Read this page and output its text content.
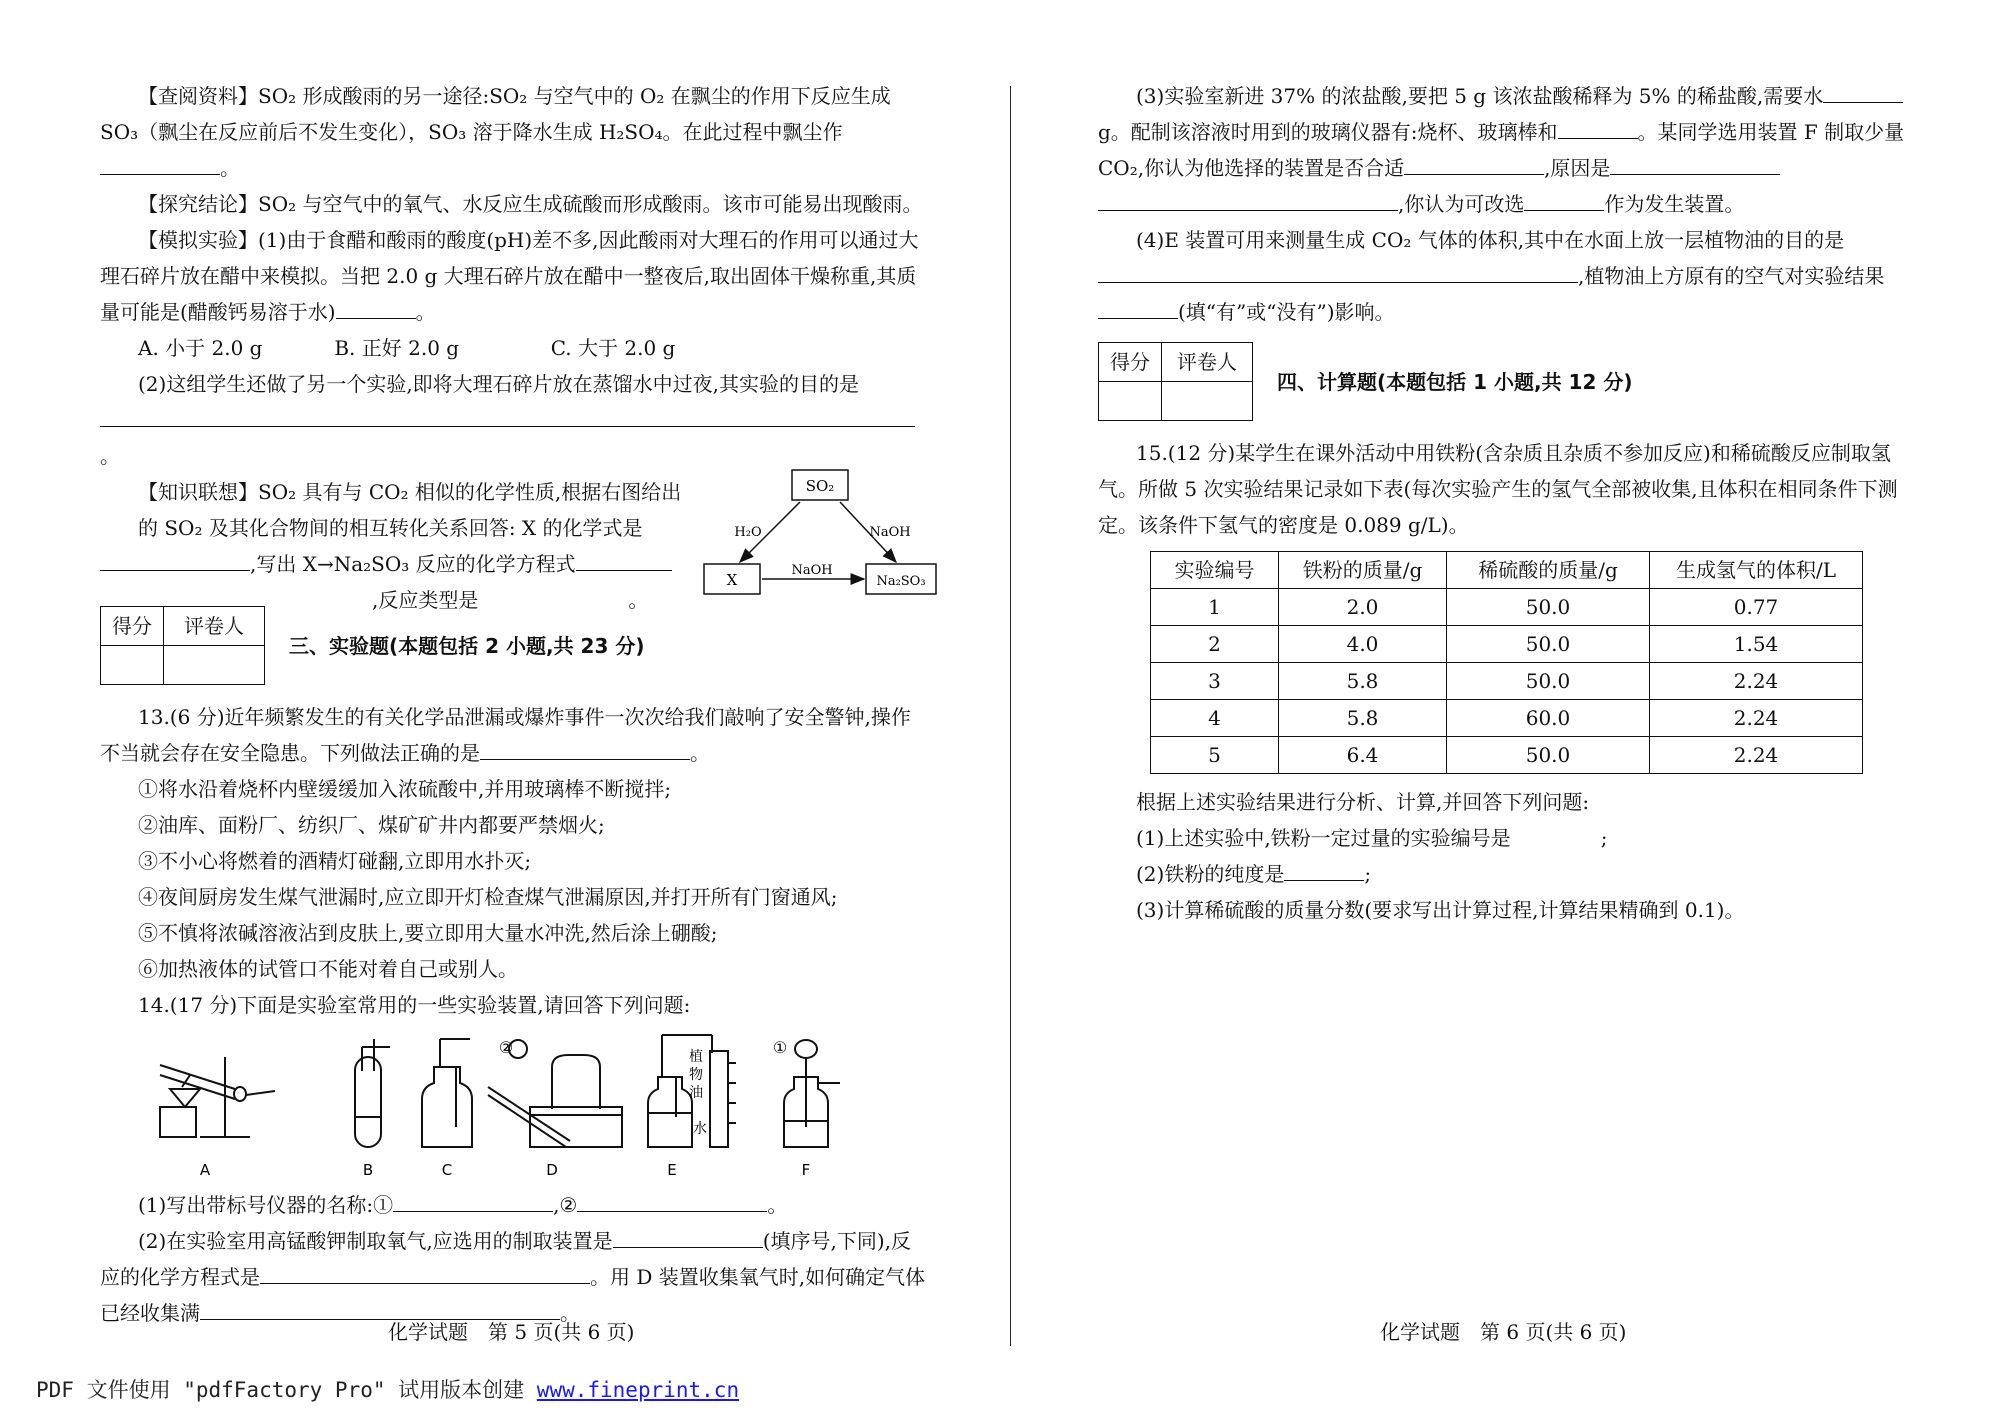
【查阅资料】SO₂ 形成酸雨的另一途径:SO₂ 与空气中的 O₂ 在飘尘的作用下反应生成 SO₃（飘尘在反应前后不发生变化），SO₃ 溶于降水生成 H₂SO₄。在此过程中飘尘作。

【探究结论】SO₂ 与空气中的氧气、水反应生成硫酸而形成酸雨。该市可能易出现酸雨。

【模拟实验】(1)由于食醋和酸雨的酸度(pH)差不多,因此酸雨对大理石的作用可以通过大理石碎片放在醋中来模拟。当把 2.0 g 大理石碎片放在醋中一整夜后,取出固体干燥称重,其质量可能是(醋酸钙易溶于水)	。

A. 小于 2.0 g	B. 正好 2.0 g	C. 大于 2.0 g

(2)这组学生还做了另一个实验,即将大理石碎片放在蒸馏水中过夜,其实验的目的是

。

【知识联想】SO₂ 具有与 CO₂ 相似的化学性质,根据右图给出的 SO₂ 及其化合物间的相互转化关系回答: X 的化学式是,写出 X→Na₂SO₃ 反应的化学方程式
,反应类型是	。
SO₂
X	Na₂SO₃
H₂O	NaOH
NaOH
得分	评卷人

三、实验题(本题包括 2 小题,共 23 分)

13.(6 分)近年频繁发生的有关化学品泄漏或爆炸事件一次次给我们敲响了安全警钟,操作不当就会存在安全隐患。下列做法正确的是	。

①将水沿着烧杯内壁缓缓加入浓硫酸中,并用玻璃棒不断搅拌;

②油库、面粉厂、纺织厂、煤矿矿井内都要严禁烟火;

③不小心将燃着的酒精灯碰翻,立即用水扑灭;

④夜间厨房发生煤气泄漏时,应立即开灯检查煤气泄漏原因,并打开所有门窗通风;

⑤不慎将浓碱溶液沾到皮肤上,要立即用大量水冲洗,然后涂上硼酸;

⑥加热液体的试管口不能对着自己或别人。

14.(17 分)下面是实验室常用的一些实验装置,请回答下列问题:

②	①
植
物
油
水
A	B	C	D	E	F

(1)写出带标号仪器的名称:①	,②	。

(2)在实验室用高锰酸钾制取氧气,应选用的制取装置是	(填序号,下同),反应的化学方程式是	。用 D 装置收集氧气时,如何确定气体已经收集满	。

(3)实验室新进 37% 的浓盐酸,要把 5 g 该浓盐酸稀释为 5% 的稀盐酸,需要水g。配制该溶液时用到的玻璃仪器有:烧杯、玻璃棒和	。某同学选用装置 F 制取少量 CO₂,你认为他选择的装置是否合适	,原因是
,你认为可改选	作为发生装置。

(4)E 装置可用来测量生成 CO₂ 气体的体积,其中在水面上放一层植物油的目的是
,植物油上方原有的空气对实验结果
(填“有”或“没有”)影响。

得分	评卷人

四、计算题(本题包括 1 小题,共 12 分)

15.(12 分)某学生在课外活动中用铁粉(含杂质且杂质不参加反应)和稀硫酸反应制取氢气。所做 5 次实验结果记录如下表(每次实验产生的氢气全部被收集,且体积在相同条件下测定。该条件下氢气的密度是 0.089 g/L)。

实验编号	铁粉的质量/g	稀硫酸的质量/g	生成氢气的体积/L
1	2.0	50.0	0.77
2	4.0	50.0	1.54
3	5.8	50.0	2.24
4	5.8	60.0	2.24
5	6.4	50.0	2.24

根据上述实验结果进行分析、计算,并回答下列问题:

(1)上述实验中,铁粉一定过量的实验编号是	;

(2)铁粉的纯度是	;

(3)计算稀硫酸的质量分数(要求写出计算过程,计算结果精确到 0.1)。

化学试题　第 5 页(共 6 页)	化学试题　第 6 页(共 6 页)
PDF 文件使用 "pdfFactory Pro" 试用版本创建 www.fineprint.cn
